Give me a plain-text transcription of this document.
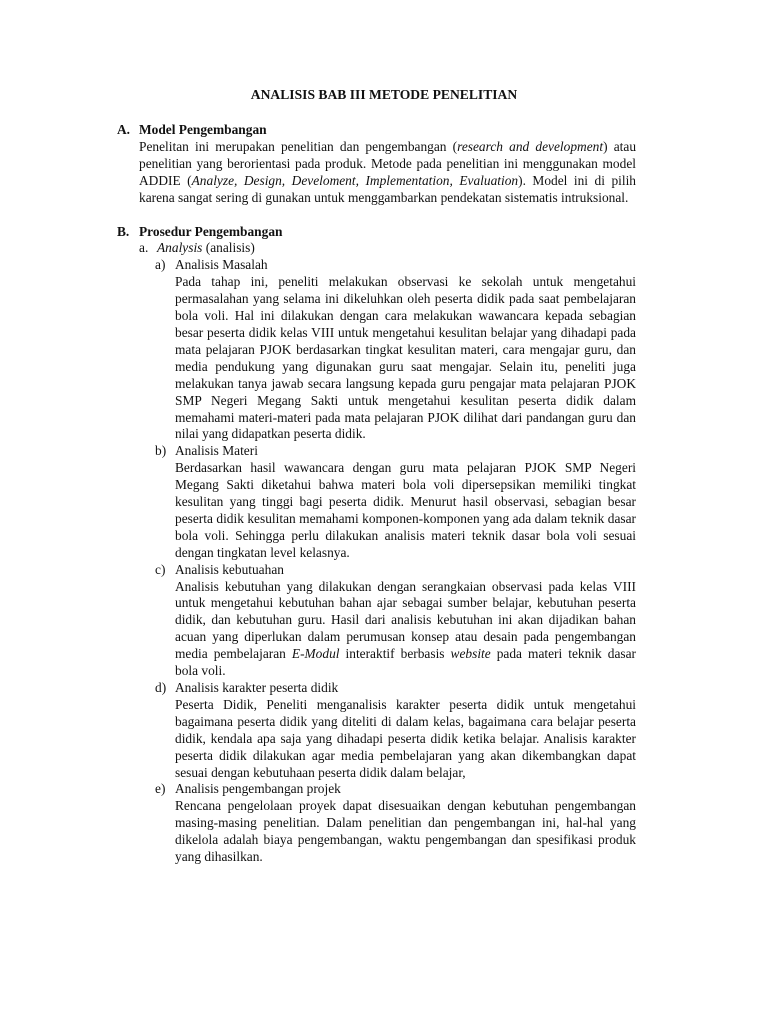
ANALISIS BAB III METODE PENELITIAN
A. Model Pengembangan

Penelitan ini merupakan penelitian dan pengembangan (research and development) atau penelitian yang berorientasi pada produk. Metode pada penelitian ini menggunakan model ADDIE (Analyze, Design, Develoment, Implementation, Evaluation). Model ini di pilih karena sangat sering di gunakan untuk menggambarkan pendekatan sistematis intruksional.

B. Prosedur Pengembangan
a. Analysis (analisis)
a) Analisis Masalah

Pada tahap ini, peneliti melakukan observasi ke sekolah untuk mengetahui permasalahan yang selama ini dikeluhkan oleh peserta didik pada saat pembelajaran bola voli. Hal ini dilakukan dengan cara melakukan wawancara kepada sebagian besar peserta didik kelas VIII untuk mengetahui kesulitan belajar yang dihadapi pada mata pelajaran PJOK berdasarkan tingkat kesulitan materi, cara mengajar guru, dan media pendukung yang digunakan guru saat mengajar. Selain itu, peneliti juga melakukan tanya jawab secara langsung kepada guru pengajar mata pelajaran PJOK SMP Negeri Megang Sakti untuk mengetahui kesulitan peserta didik dalam memahami materi-materi pada mata pelajaran PJOK dilihat dari pandangan guru dan nilai yang didapatkan peserta didik.

b) Analisis Materi

Berdasarkan hasil wawancara dengan guru mata pelajaran PJOK SMP Negeri Megang Sakti diketahui bahwa materi bola voli dipersepsikan memiliki tingkat kesulitan yang tinggi bagi peserta didik. Menurut hasil observasi, sebagian besar peserta didik kesulitan memahami komponen-komponen yang ada dalam teknik dasar bola voli. Sehingga perlu dilakukan analisis materi teknik dasar bola voli sesuai dengan tingkatan level kelasnya.

c) Analisis kebutuahan

Analisis kebutuhan yang dilakukan dengan serangkaian observasi pada kelas VIII untuk mengetahui kebutuhan bahan ajar sebagai sumber belajar, kebutuhan peserta didik, dan kebutuhan guru. Hasil dari analisis kebutuhan ini akan dijadikan bahan acuan yang diperlukan dalam perumusan konsep atau desain pada pengembangan media pembelajaran E-Modul interaktif berbasis website pada materi teknik dasar bola voli.

d) Analisis karakter peserta didik

Peserta Didik, Peneliti menganalisis karakter peserta didik untuk mengetahui bagaimana peserta didik yang diteliti di dalam kelas, bagaimana cara belajar peserta didik, kendala apa saja yang dihadapi peserta didik ketika belajar. Analisis karakter peserta didik dilakukan agar media pembelajaran yang akan dikembangkan dapat sesuai dengan kebutuhaan peserta didik dalam belajar,

e) Analisis pengembangan projek

Rencana pengelolaan proyek dapat disesuaikan dengan kebutuhan pengembangan masing-masing penelitian. Dalam penelitian dan pengembangan ini, hal-hal yang dikelola adalah biaya pengembangan, waktu pengembangan dan spesifikasi produk yang dihasilkan.
